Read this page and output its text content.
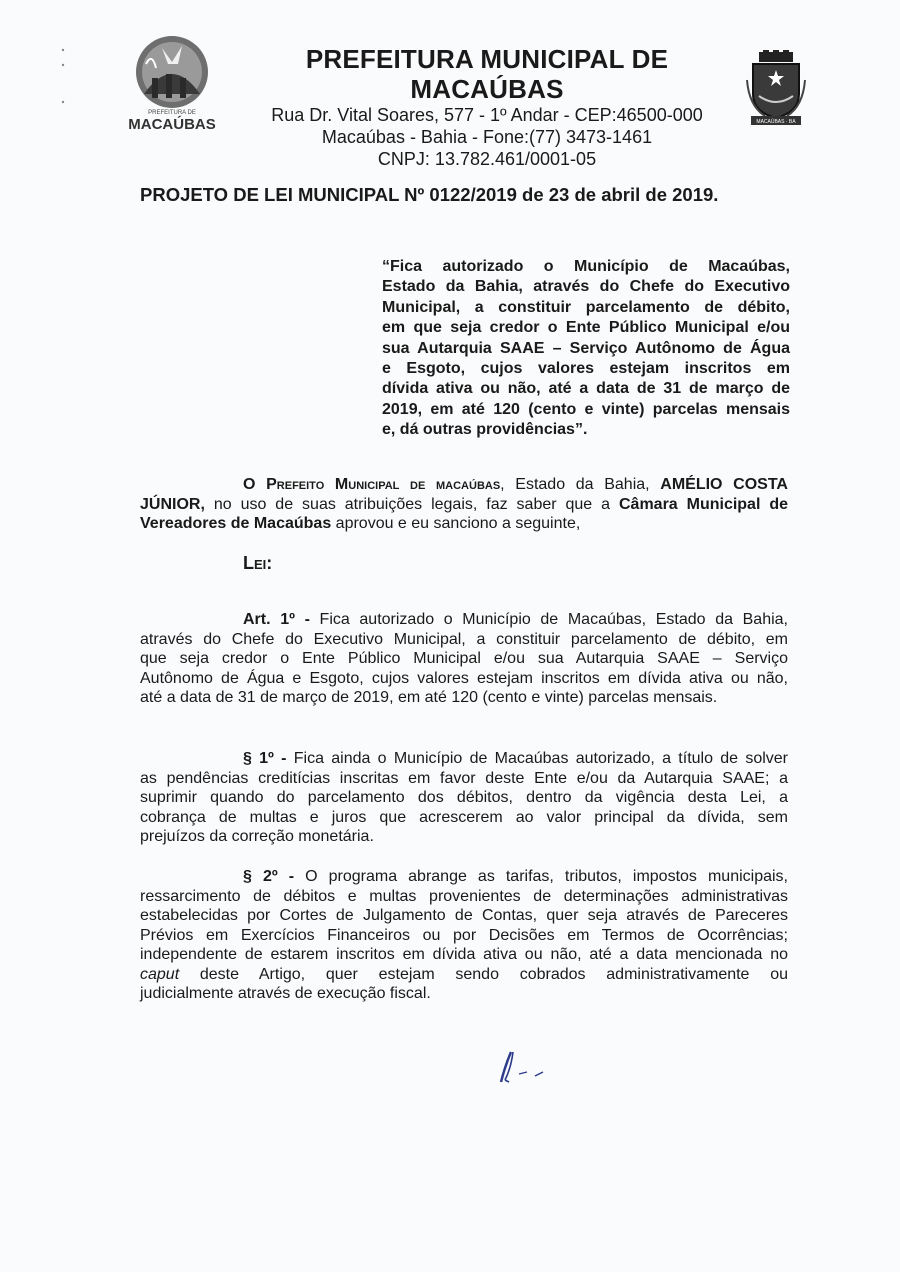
PREFEITURA DE
MACAÚBAS
PREFEITURA MUNICIPAL DE MACAÚBAS
Rua Dr. Vital Soares, 577 - 1º Andar - CEP:46500-000
Macaúbas - Bahia - Fone:(77) 3473-1461
CNPJ: 13.782.461/0001-05
MACAÚBAS · BA
PROJETO DE LEI MUNICIPAL Nº 0122/2019 de 23 de abril de 2019.
“Fica autorizado o Município de Macaúbas,
Estado da Bahia, através do Chefe do Executivo
Municipal, a constituir parcelamento de débito,
em que seja credor o Ente Público Municipal e/ou
sua Autarquia SAAE – Serviço Autônomo de Água
e Esgoto, cujos valores estejam inscritos em
dívida ativa ou não, até a data de 31 de março de
2019, em até 120 (cento e vinte) parcelas mensais
e, dá outras providências”.
O Prefeito Municipal de macaúbas, Estado da Bahia, AMÉLIO COSTA
JÚNIOR, no uso de suas atribuições legais, faz saber que a Câmara Municipal de
Vereadores de Macaúbas aprovou e eu sanciono a seguinte,
Lei:
Art. 1º - Fica autorizado o Município de Macaúbas, Estado da Bahia,
através do Chefe do Executivo Municipal, a constituir parcelamento de débito, em
que seja credor o Ente Público Municipal e/ou sua Autarquia SAAE – Serviço
Autônomo de Água e Esgoto, cujos valores estejam inscritos em dívida ativa ou não,
até a data de 31 de março de 2019, em até 120 (cento e vinte) parcelas mensais.
§ 1º - Fica ainda o Município de Macaúbas autorizado, a título de solver
as pendências creditícias inscritas em favor deste Ente e/ou da Autarquia SAAE; a
suprimir quando do parcelamento dos débitos, dentro da vigência desta Lei, a
cobrança de multas e juros que acrescerem ao valor principal da dívida, sem
prejuízos da correção monetária.
§ 2º - O programa abrange as tarifas, tributos, impostos municipais,
ressarcimento de débitos e multas provenientes de determinações administrativas
estabelecidas por Cortes de Julgamento de Contas, quer seja através de Pareceres
Prévios em Exercícios Financeiros ou por Decisões em Termos de Ocorrências;
independente de estarem inscritos em dívida ativa ou não, até a data mencionada no
caput deste Artigo, quer estejam sendo cobrados administrativamente ou
judicialmente através de execução fiscal.
